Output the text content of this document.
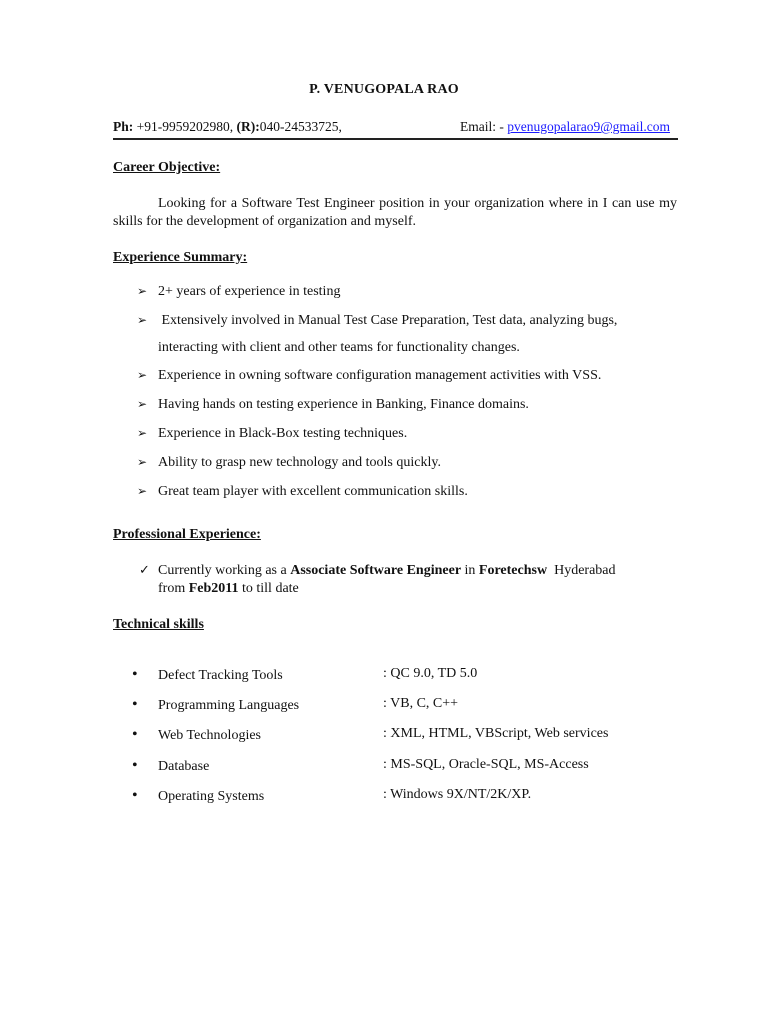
P. VENUGOPALA RAO
Ph: +91-9959202980, (R):040-24533725,	Email: - pvenugopalarao9@gmail.com
Career Objective:
Looking for a Software Test Engineer position in your organization where in I can use my skills for the development of organization and myself.
Experience Summary:
➢ 2+ years of experience in testing
➢ Extensively involved in Manual Test Case Preparation, Test data, analyzing bugs,
interacting with client and other teams for functionality changes.
➢ Experience in owning software configuration management activities with VSS.
➢ Having hands on testing experience in Banking, Finance domains.
➢ Experience in Black-Box testing techniques.
➢ Ability to grasp new technology and tools quickly.
➢ Great team player with excellent communication skills.
Professional Experience:
✓ Currently working as a Associate Software Engineer in Foretechsw  Hyderabad
from Feb2011 to till date
Technical skills
• Defect Tracking Tools	: QC 9.0, TD 5.0
• Programming Languages	: VB, C, C++
• Web Technologies	: XML, HTML, VBScript, Web services
• Database	: MS-SQL, Oracle-SQL, MS-Access
• Operating Systems	: Windows 9X/NT/2K/XP.
